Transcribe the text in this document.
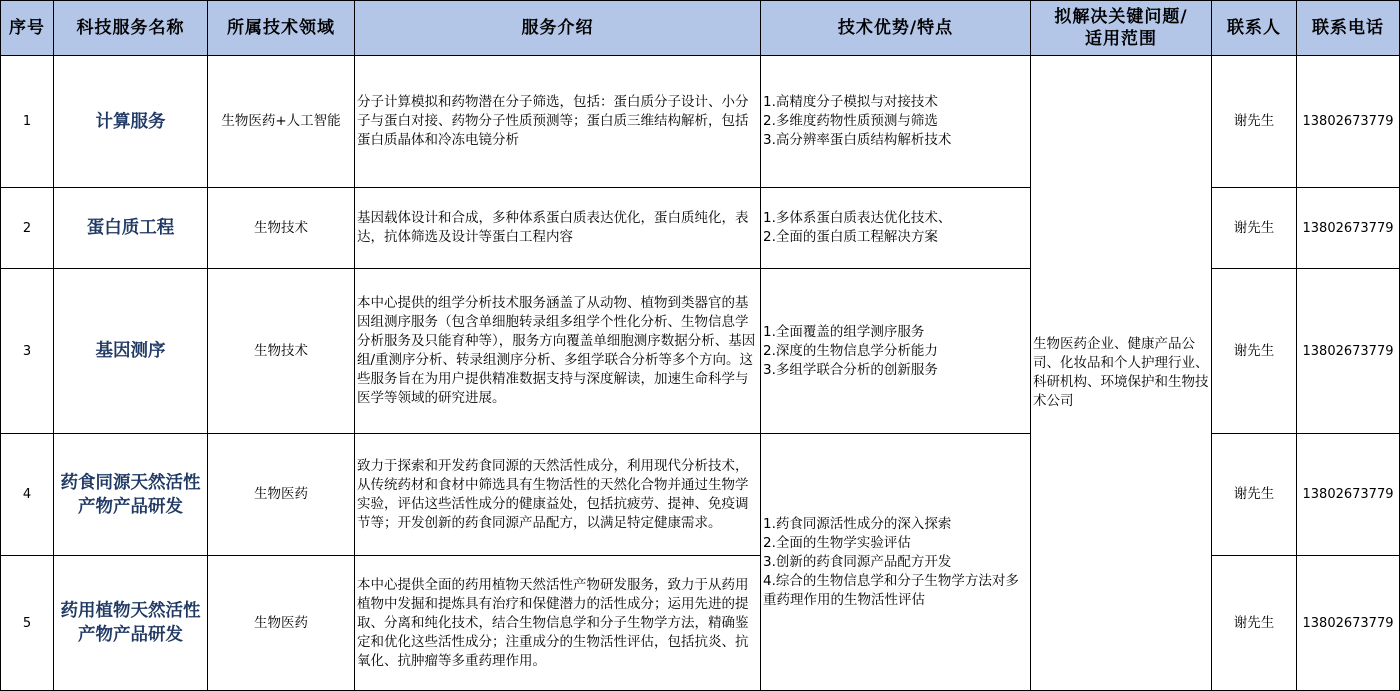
序号	科技服务名称	所属技术领域	服务介绍	技术优势/特点	拟解决关键问题/
适用范围	联系人	联系电话
1	计算服务	生物医药+人工智能	分子计算模拟和药物潜在分子筛选，包括：蛋白质分子设计、小分子与蛋白对接、药物分子性质预测等；蛋白质三维结构解析，包括蛋白质晶体和冷冻电镜分析	1.高精度分子模拟与对接技术
2.多维度药物性质预测与筛选
3.高分辨率蛋白质结构解析技术	生物医药企业、健康产品公司、化妆品和个人护理行业、科研机构、环境保护和生物技术公司	谢先生	13802673779
2	蛋白质工程	生物技术	基因载体设计和合成，多种体系蛋白质表达优化，蛋白质纯化，表达，抗体筛选及设计等蛋白工程内容	1.多体系蛋白质表达优化技术、
2.全面的蛋白质工程解决方案		谢先生	13802673779
3	基因测序	生物技术	本中心提供的组学分析技术服务涵盖了从动物、植物到类器官的基因组测序服务（包含单细胞转录组多组学个性化分析、生物信息学分析服务及只能育种等），服务方向覆盖单细胞测序数据分析、基因组/重测序分析、转录组测序分析、多组学联合分析等多个方向。这些服务旨在为用户提供精准数据支持与深度解读，加速生命科学与医学等领域的研究进展。	1.全面覆盖的组学测序服务
2.深度的生物信息学分析能力
3.多组学联合分析的创新服务		谢先生	13802673779
4	药食同源天然活性产物产品研发	生物医药	致力于探索和开发药食同源的天然活性成分，利用现代分析技术，从传统药材和食材中筛选具有生物活性的天然化合物并通过生物学实验，评估这些活性成分的健康益处，包括抗疲劳、提神、免疫调节等；开发创新的药食同源产品配方，以满足特定健康需求。	1.药食同源活性成分的深入探索
2.全面的生物学实验评估
3.创新的药食同源产品配方开发
4.综合的生物信息学和分子生物学方法对多重药理作用的生物活性评估		谢先生	13802673779
5	药用植物天然活性产物产品研发	生物医药	本中心提供全面的药用植物天然活性产物研发服务，致力于从药用植物中发掘和提炼具有治疗和保健潜力的活性成分；运用先进的提取、分离和纯化技术，结合生物信息学和分子生物学方法，精确鉴定和优化这些活性成分；注重成分的生物活性评估，包括抗炎、抗氧化、抗肿瘤等多重药理作用。			谢先生	13802673779
